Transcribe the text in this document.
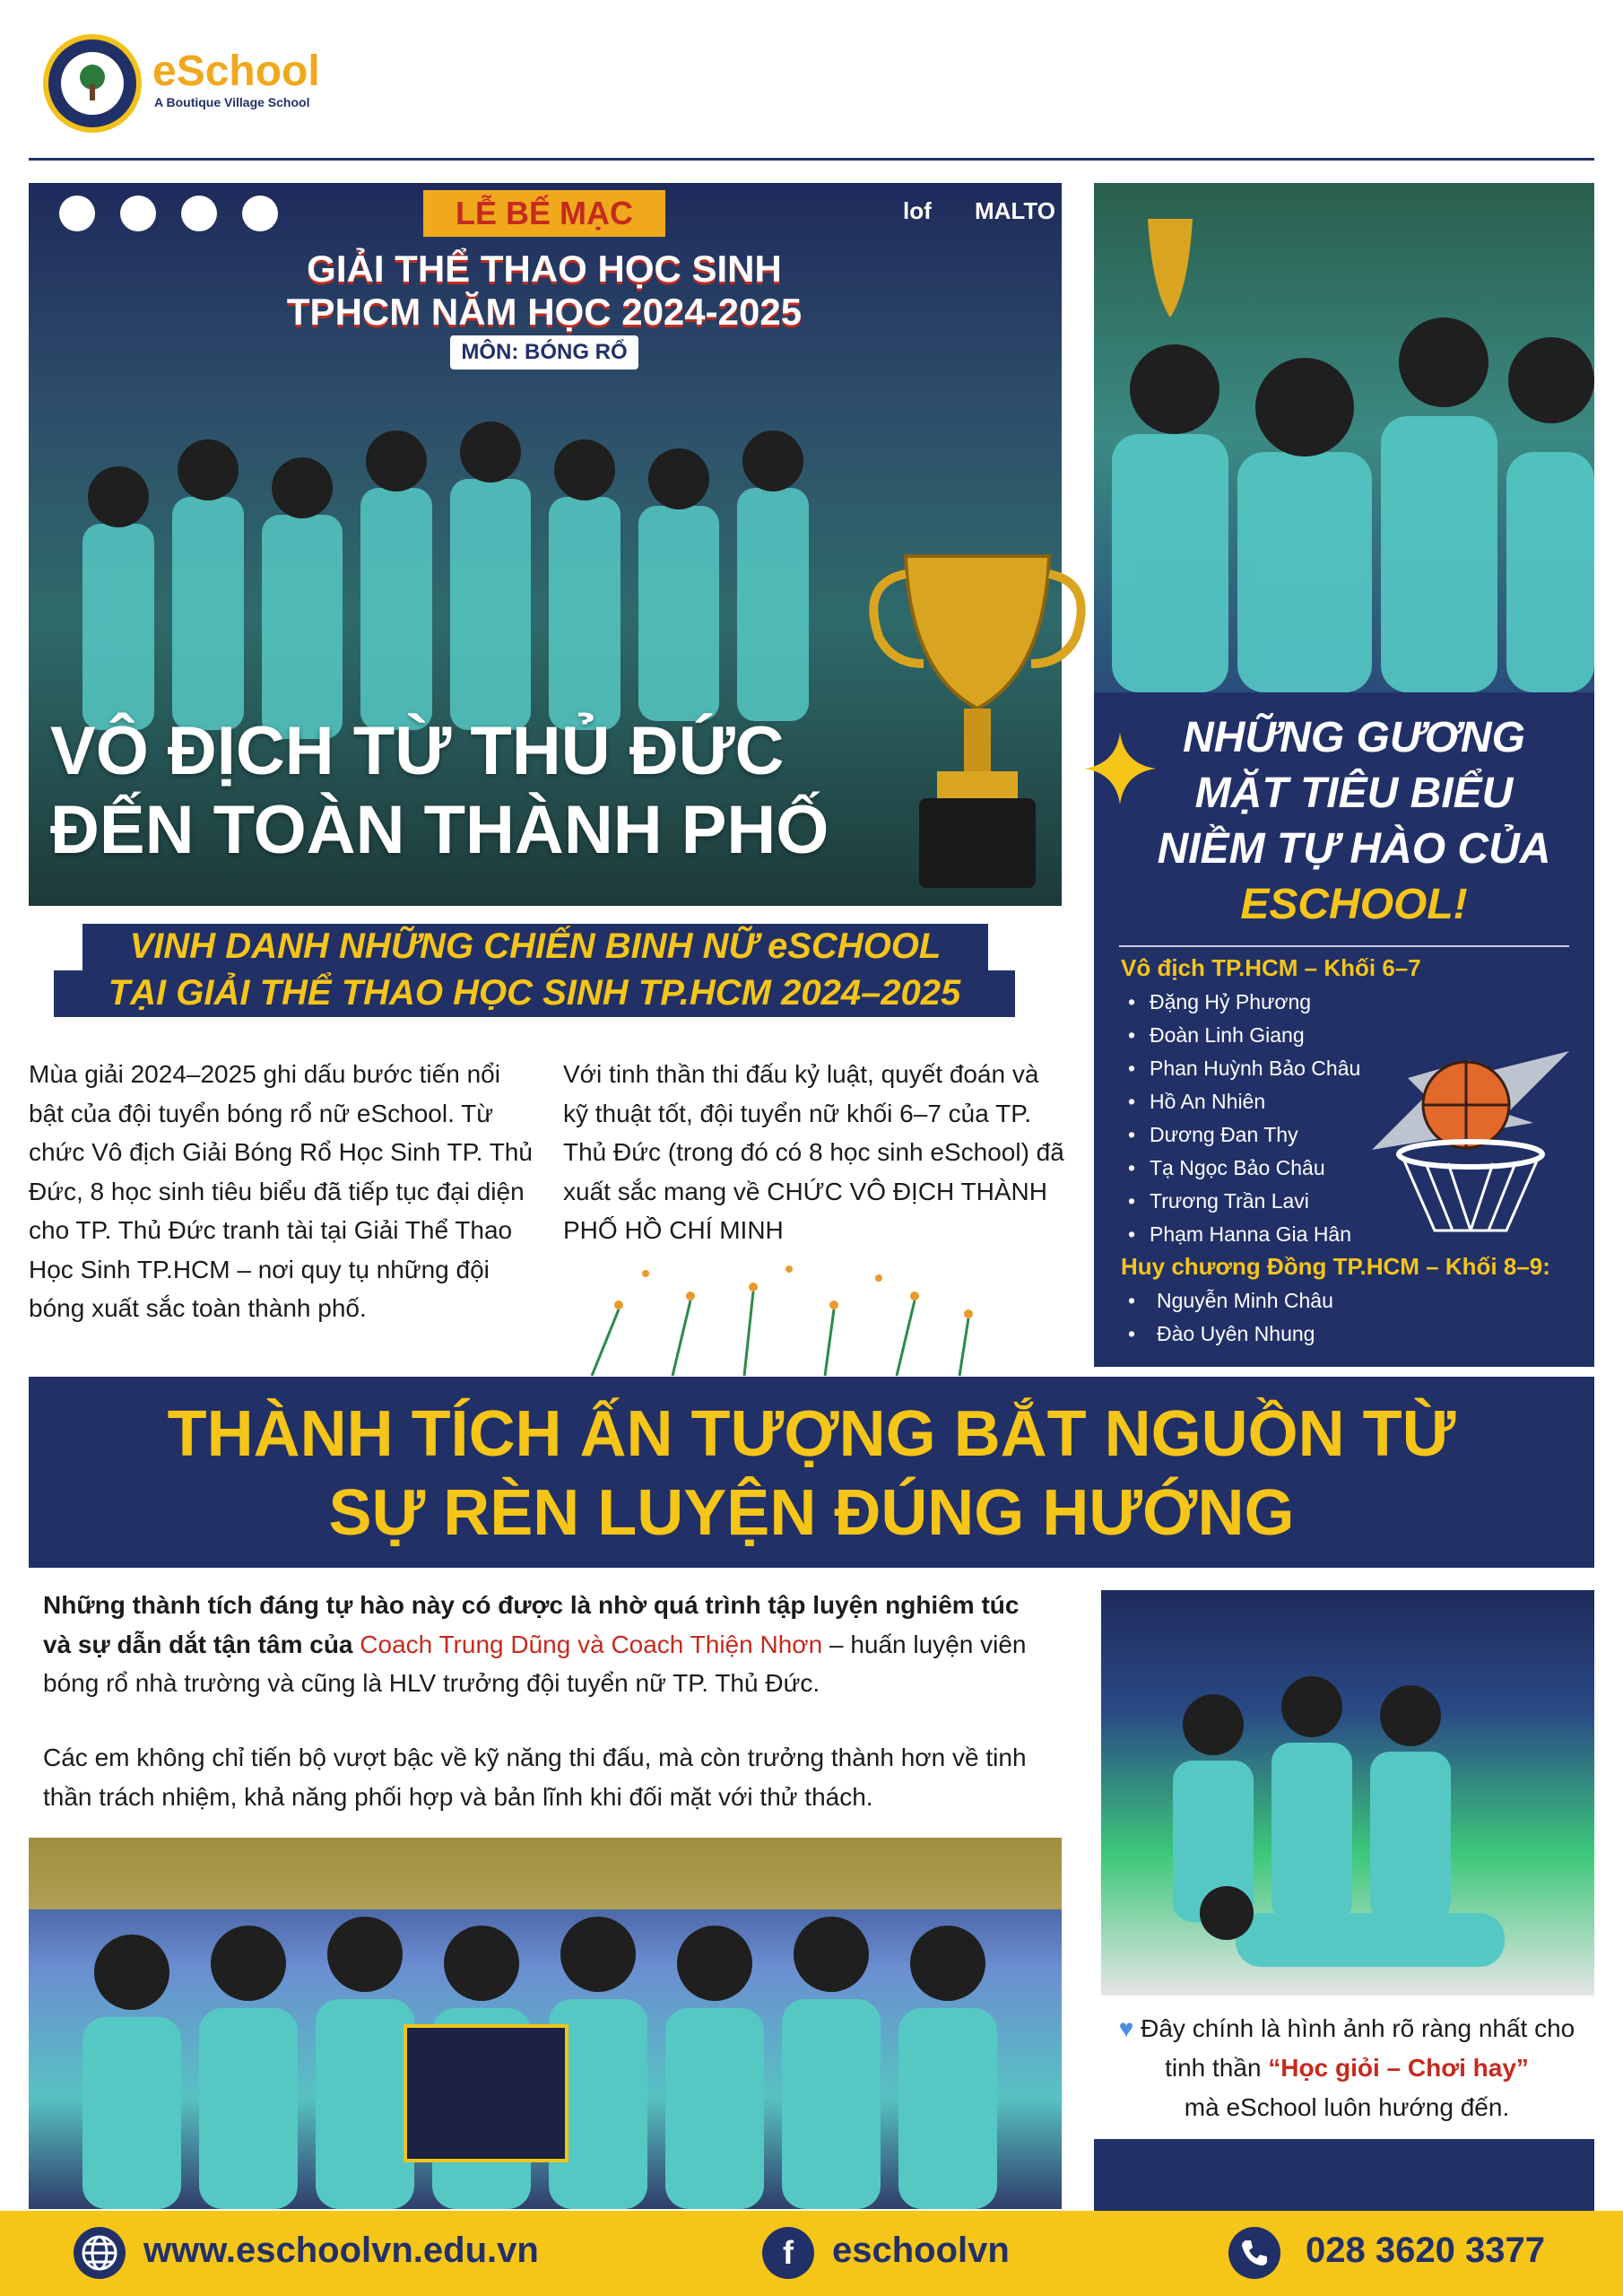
eSchool
A Boutique Village School
lof MALTO
LỄ BẾ MẠC
GIẢI THỂ THAO HỌC SINH
TPHCM NĂM HỌC 2024-2025
MÔN: BÓNG RỔ
VÔ ĐỊCH TỪ THỦ ĐỨC
ĐẾN TOÀN THÀNH PHỐ
VINH DANH NHỮNG CHIẾN BINH NỮ eSCHOOL
TẠI GIẢI THỂ THAO HỌC SINH TP.HCM 2024–2025
Mùa giải 2024–2025 ghi dấu bước tiến nổi bật của đội tuyển bóng rổ nữ eSchool. Từ chức Vô địch Giải Bóng Rổ Học Sinh TP. Thủ Đức, 8 học sinh tiêu biểu đã tiếp tục đại diện cho TP. Thủ Đức tranh tài tại Giải Thể Thao Học Sinh TP.HCM – nơi quy tụ những đội bóng xuất sắc toàn thành phố.
Với tinh thần thi đấu kỷ luật, quyết đoán và kỹ thuật tốt, đội tuyển nữ khối 6–7 của TP. Thủ Đức (trong đó có 8 học sinh eSchool) đã xuất sắc mang về CHỨC VÔ ĐỊCH THÀNH PHỐ HỒ CHÍ MINH
NHỮNG GƯƠNG
MẶT TIÊU BIỂU
NIỀM TỰ HÀO CỦA
ESCHOOL!
Vô địch TP.HCM – Khối 6–7
• Đặng Hỷ Phương
• Đoàn Linh Giang
• Phan Huỳnh Bảo Châu
• Hồ An Nhiên
• Dương Đan Thy
• Tạ Ngọc Bảo Châu
• Trương Trần Lavi
• Phạm Hanna Gia Hân
Huy chương Đồng TP.HCM – Khối 8–9:
• Nguyễn Minh Châu
• Đào Uyên Nhung
THÀNH TÍCH ẤN TƯỢNG BẮT NGUỒN TỪ
SỰ RÈN LUYỆN ĐÚNG HƯỚNG
Những thành tích đáng tự hào này có được là nhờ quá trình tập luyện nghiêm túc và sự dẫn dắt tận tâm của Coach Trung Dũng và Coach Thiện Nhơn – huấn luyện viên bóng rổ nhà trường và cũng là HLV trưởng đội tuyển nữ TP. Thủ Đức.
Các em không chỉ tiến bộ vượt bậc về kỹ năng thi đấu, mà còn trưởng thành hơn về tinh thần trách nhiệm, khả năng phối hợp và bản lĩnh khi đối mặt với thử thách.
♥ Đây chính là hình ảnh rõ ràng nhất cho
tinh thần “Học giỏi – Chơi hay”
mà eSchool luôn hướng đến.
www.eschoolvn.edu.vn	f	eschoolvn	028 3620 3377
